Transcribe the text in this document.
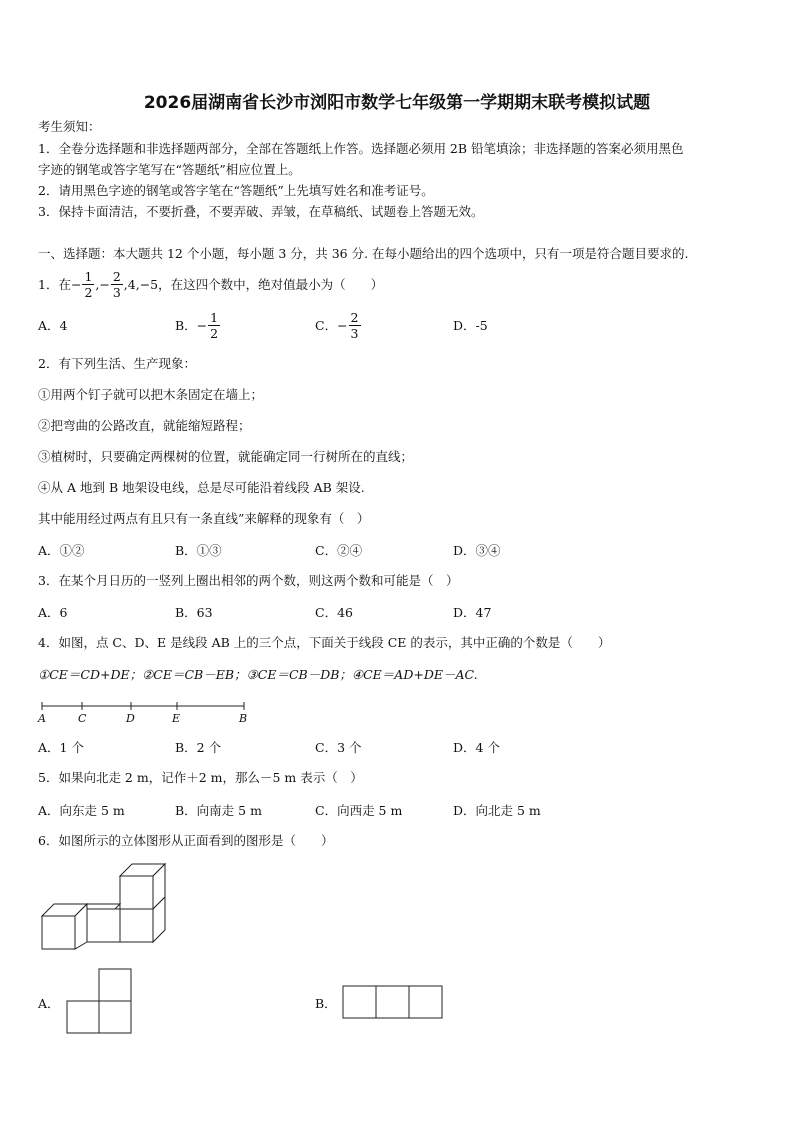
2026届湖南省长沙市浏阳市数学七年级第一学期期末联考模拟试题
考生须知：
1．全卷分选择题和非选择题两部分，全部在答题纸上作答。选择题必须用 2B 铅笔填涂；非选择题的答案必须用黑色
字迹的钢笔或答字笔写在“答题纸”相应位置上。
2．请用黑色字迹的钢笔或答字笔在“答题纸”上先填写姓名和准考证号。
3．保持卡面清洁，不要折叠，不要弄破、弄皱，在草稿纸、试题卷上答题无效。
一、选择题：本大题共 12 个小题，每小题 3 分，共 36 分. 在每小题给出的四个选项中，只有一项是符合题目要求的.
1．在 − $\frac{1}{2}$ ,− $\frac{2}{3} ,4,-5$，在这四个数中，绝对值最小为（　　）
A．4	B．− $\frac{1}{2}$	C．− $\frac{2}{3}$	D．-5
2．有下列生活、生产现象：
①用两个钉子就可以把木条固定在墙上；
②把弯曲的公路改直，就能缩短路程；
③植树时，只要确定两棵树的位置，就能确定同一行树所在的直线；
④从 A 地到 B 地架设电线，总是尽可能沿着线段 AB 架设.
其中能用经过两点有且只有一条直线”来解释的现象有（　）
A．①②	B．①③	C．②④	D．③④
3．在某个月日历的一竖列上圈出相邻的两个数，则这两个数和可能是（　）
A．6	B．63	C．46	D．47
4．如图，点 C、D、E 是线段 AB 上的三个点，下面关于线段 CE 的表示，其中正确的个数是（　　）
①CE＝CD+DE；②CE＝CB－EB；③CE＝CB－DB；④CE＝AD+DE－AC.
A	C	D	E	B
A．1 个	B．2 个	C．3 个	D．4 个
5．如果向北走 2 m，记作＋2 m，那么－5 m 表示（　）
A．向东走 5 m	B．向南走 5 m	C．向西走 5 m	D．向北走 5 m
6．如图所示的立体图形从正面看到的图形是（　　）
A．	B．
